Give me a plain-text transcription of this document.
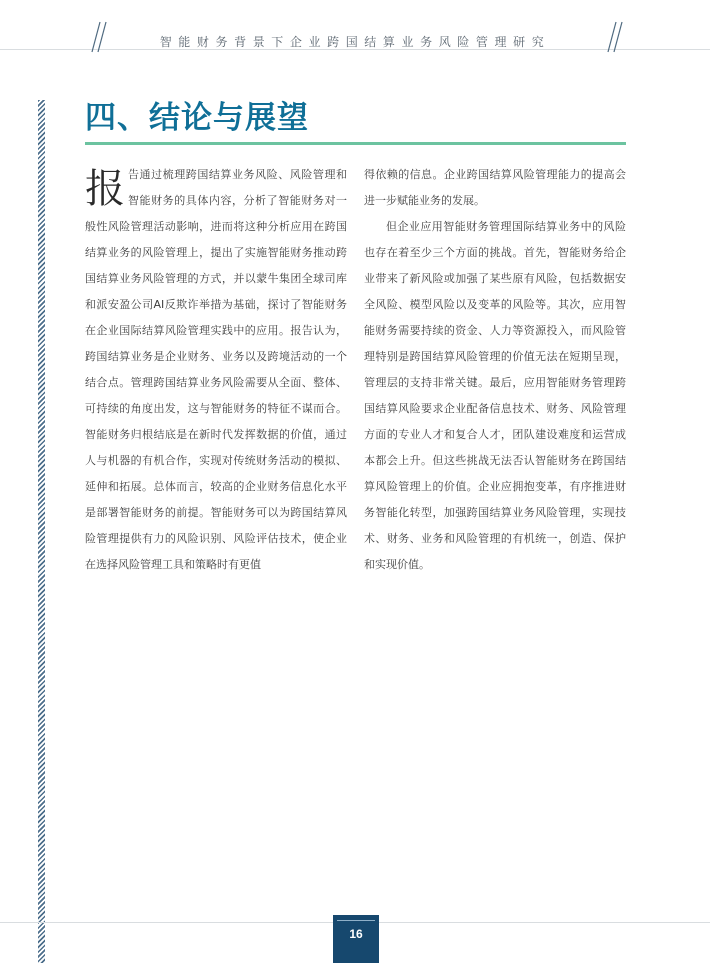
智能财务背景下企业跨国结算业务风险管理研究
四、结论与展望

报告通过梳理跨国结算业务风险、风险管理和智能财务的具体内容，分析了智能财务对一般性风险管理活动影响，进而将这种分析应用在跨国结算业务的风险管理上，提出了实施智能财务推动跨国结算业务风险管理的方式，并以蒙牛集团全球司库和派安盈公司AI反欺诈举措为基础，探讨了智能财务在企业国际结算风险管理实践中的应用。报告认为，跨国结算业务是企业财务、业务以及跨境活动的一个结合点。管理跨国结算业务风险需要从全面、整体、可持续的角度出发，这与智能财务的特征不谋而合。智能财务归根结底是在新时代发挥数据的价值，通过人与机器的有机合作，实现对传统财务活动的模拟、延伸和拓展。总体而言，较高的企业财务信息化水平是部署智能财务的前提。智能财务可以为跨国结算风险管理提供有力的风险识别、风险评估技术，使企业在选择风险管理工具和策略时有更值

得依赖的信息。企业跨国结算风险管理能力的提高会进一步赋能业务的发展。

但企业应用智能财务管理国际结算业务中的风险也存在着至少三个方面的挑战。首先，智能财务给企业带来了新风险或加强了某些原有风险，包括数据安全风险、模型风险以及变革的风险等。其次，应用智能财务需要持续的资金、人力等资源投入，而风险管理特别是跨国结算风险管理的价值无法在短期呈现，管理层的支持非常关键。最后，应用智能财务管理跨国结算风险要求企业配备信息技术、财务、风险管理方面的专业人才和复合人才，团队建设难度和运营成本都会上升。但这些挑战无法否认智能财务在跨国结算风险管理上的价值。企业应拥抱变革，有序推进财务智能化转型，加强跨国结算业务风险管理，实现技术、财务、业务和风险管理的有机统一，创造、保护和实现价值。

16
